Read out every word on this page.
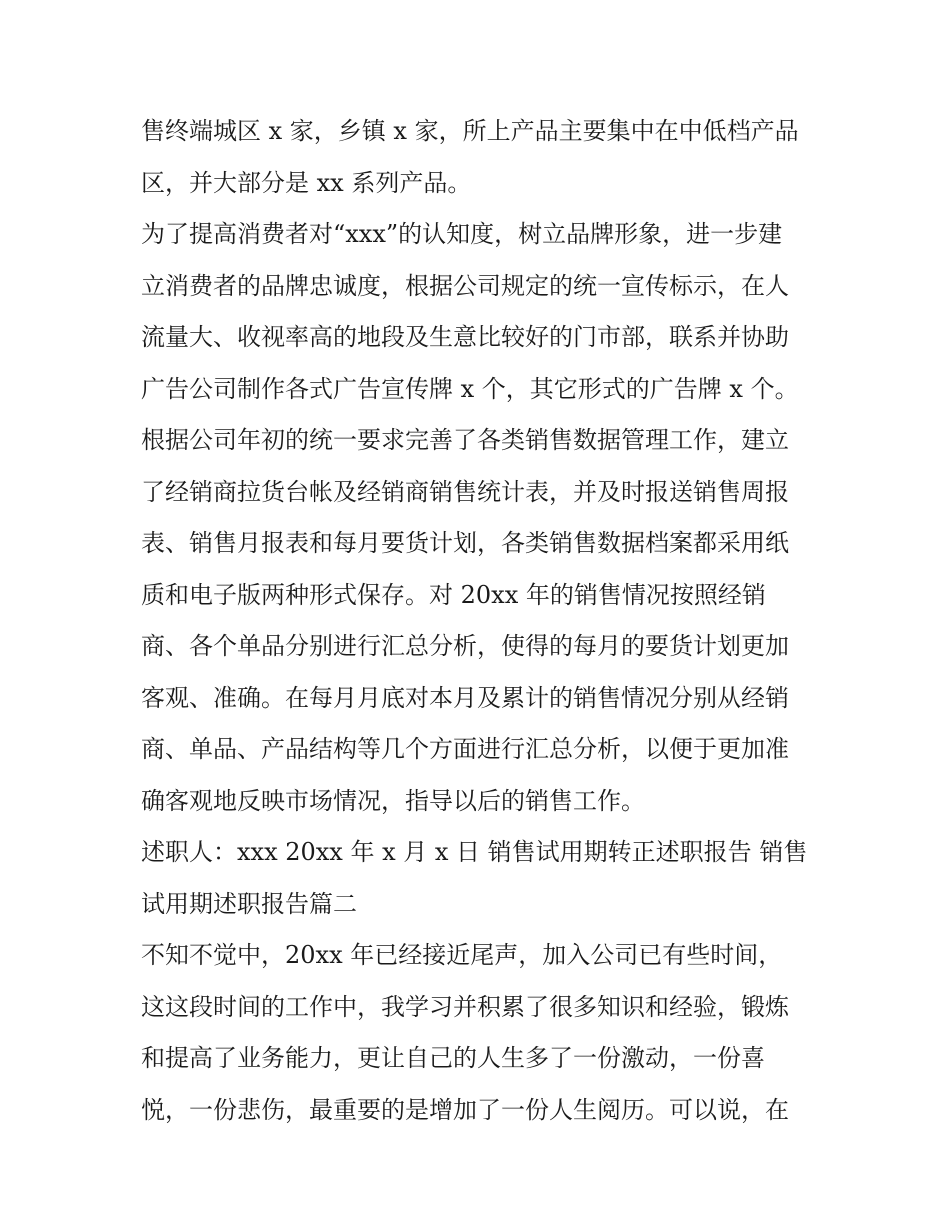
售终端城区 x 家，乡镇 x 家，所上产品主要集中在中低档产品
区，并大部分是 xx 系列产品。
为了提高消费者对“xxx”的认知度，树立品牌形象，进一步建
立消费者的品牌忠诚度，根据公司规定的统一宣传标示，在人
流量大、收视率高的地段及生意比较好的门市部，联系并协助
广告公司制作各式广告宣传牌 x 个，其它形式的广告牌 x 个。
根据公司年初的统一要求完善了各类销售数据管理工作，建立
了经销商拉货台帐及经销商销售统计表，并及时报送销售周报
表、销售月报表和每月要货计划，各类销售数据档案都采用纸
质和电子版两种形式保存。对 20xx 年的销售情况按照经销
商、各个单品分别进行汇总分析，使得的每月的要货计划更加
客观、准确。在每月月底对本月及累计的销售情况分别从经销
商、单品、产品结构等几个方面进行汇总分析，以便于更加准
确客观地反映市场情况，指导以后的销售工作。
述职人：xxx 20xx 年 x 月 x 日 销售试用期转正述职报告 销售
试用期述职报告篇二
不知不觉中，20xx 年已经接近尾声，加入公司已有些时间，
这这段时间的工作中，我学习并积累了很多知识和经验，锻炼
和提高了业务能力，更让自己的人生多了一份激动，一份喜
悦，一份悲伤，最重要的是增加了一份人生阅历。可以说，在
